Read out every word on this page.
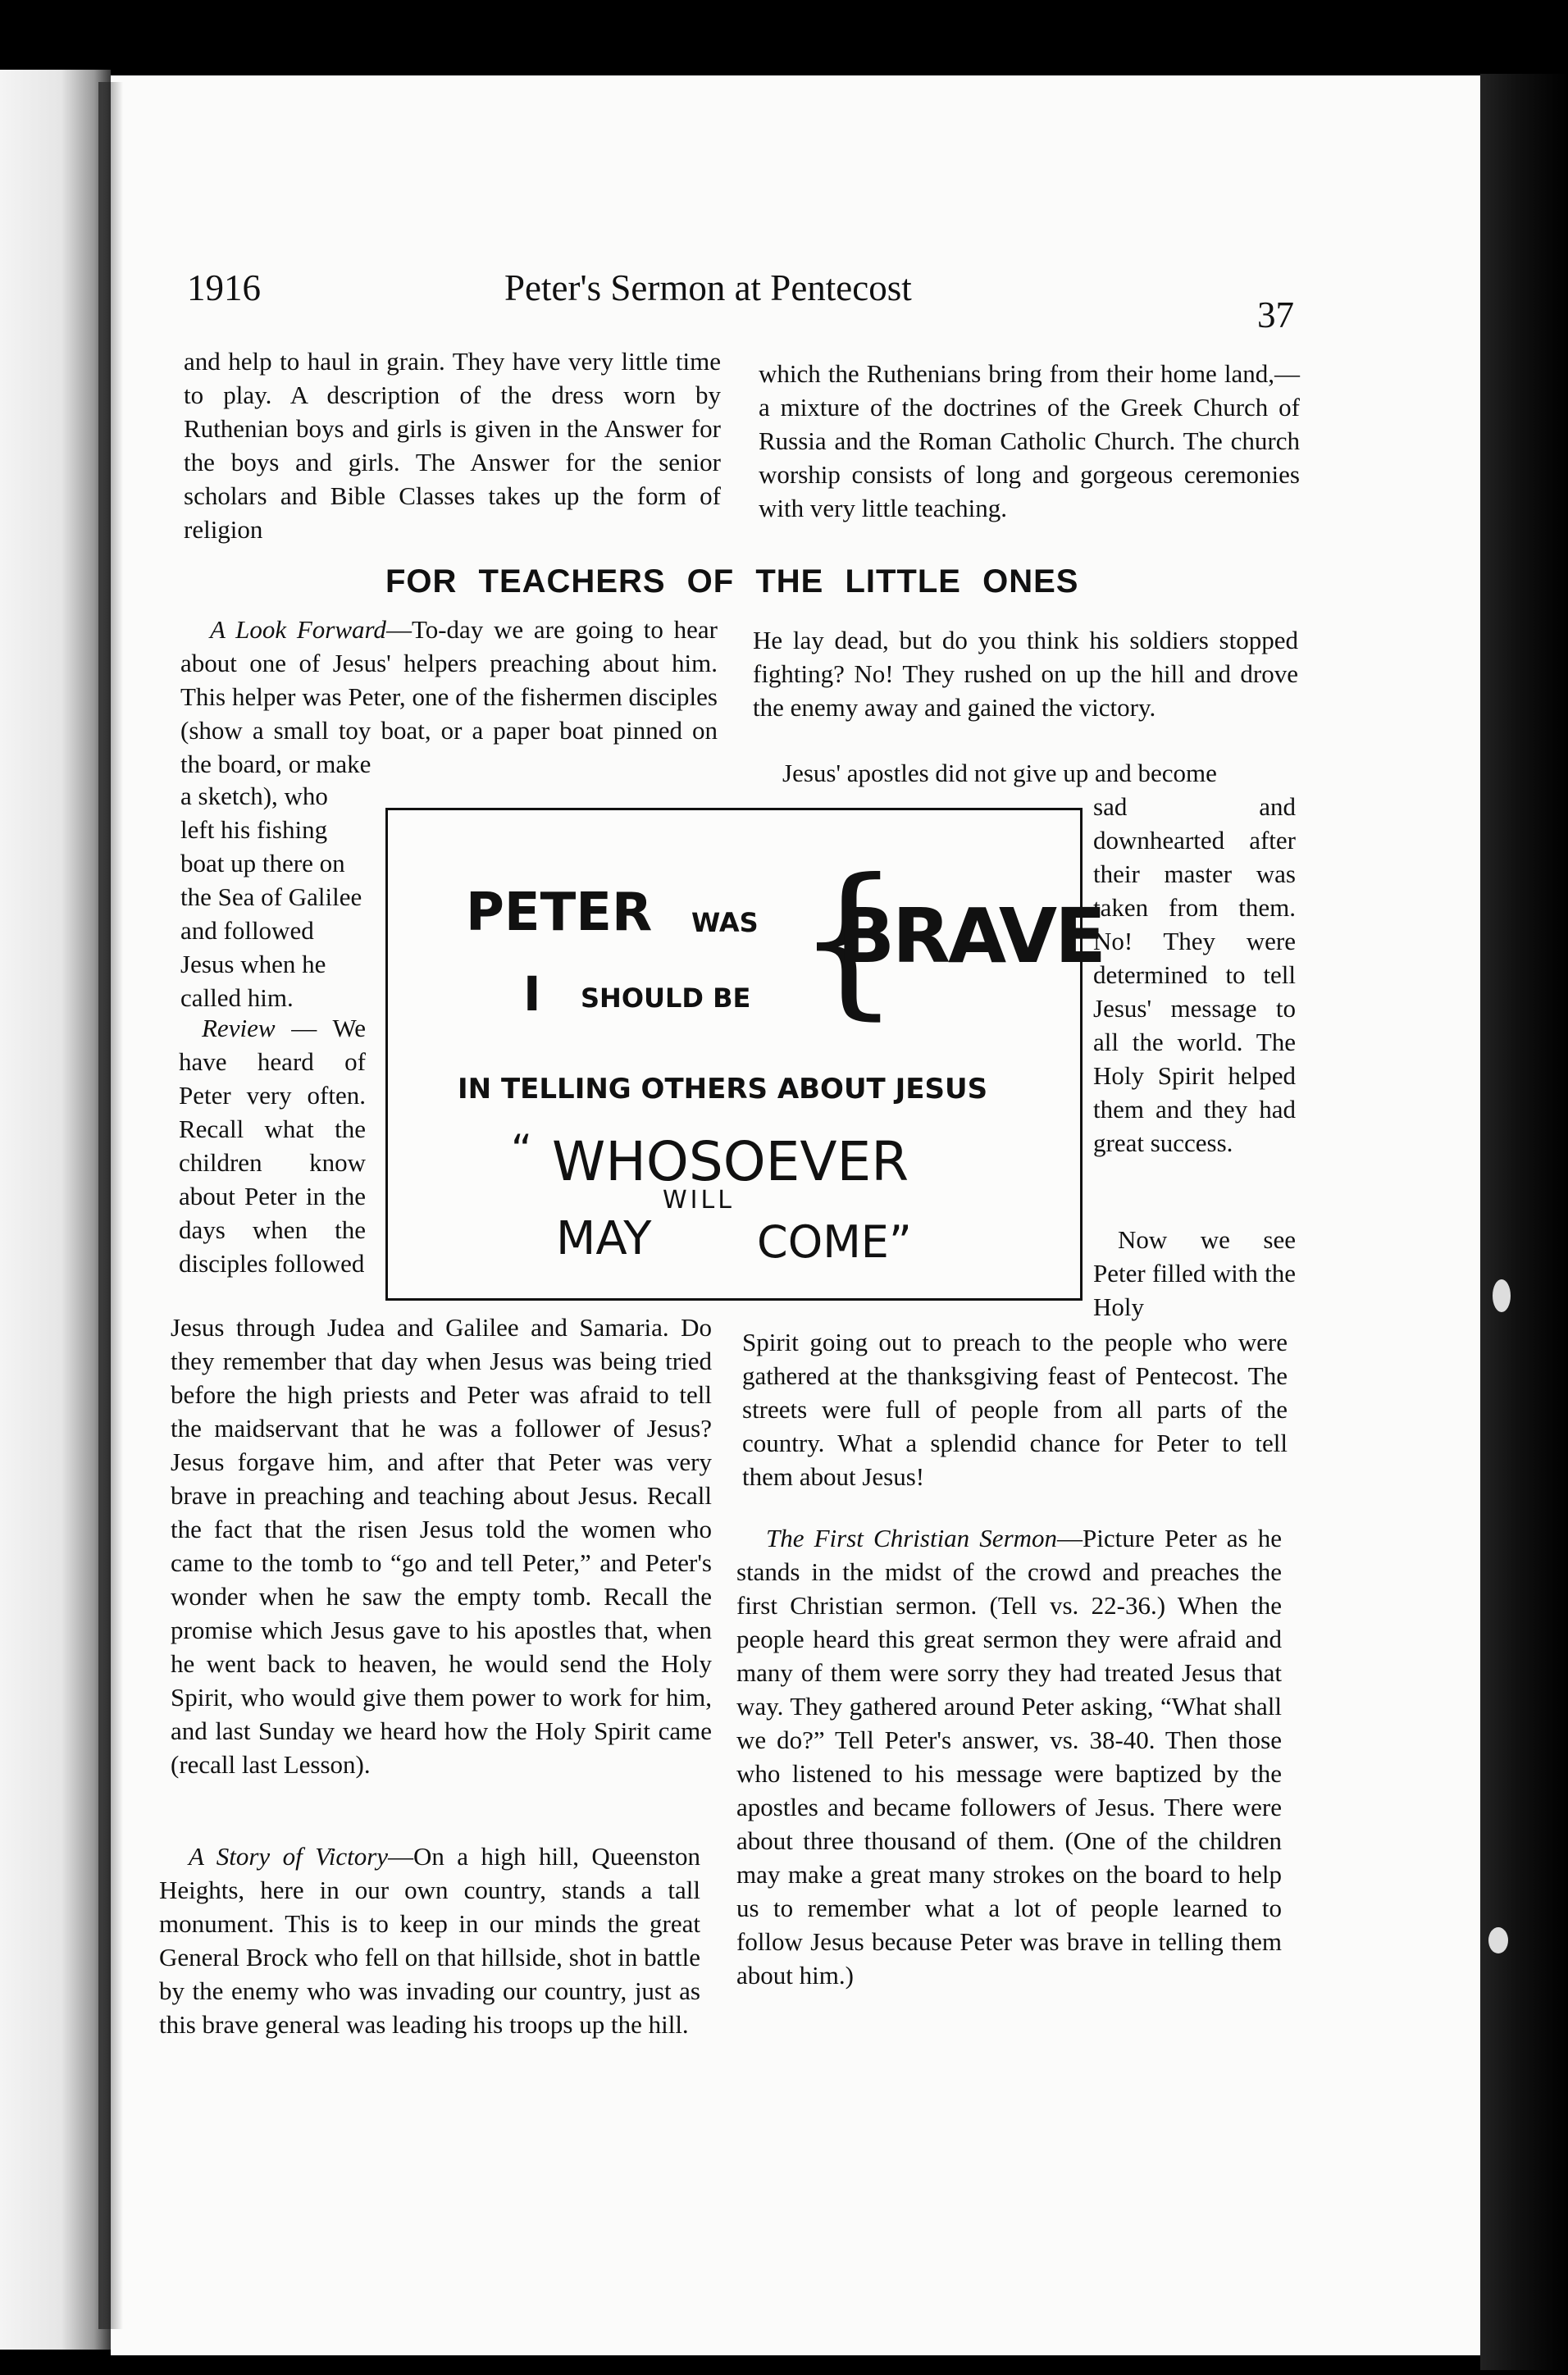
1916	Peter's Sermon at Pentecost
37
and help to haul in grain. They have very little time to play. A description of the dress worn by Ruthenian boys and girls is given in the Answer for the boys and girls. The Answer for the senior scholars and Bible Classes takes up the form of religion
which the Ruthenians bring from their home land,—a mixture of the doctrines of the Greek Church of Russia and the Roman Catholic Church. The church worship consists of long and gorgeous ceremonies with very little teaching.
FOR TEACHERS OF THE LITTLE ONES
A Look Forward—To-day we are going to hear about one of Jesus' helpers preaching about him. This helper was Peter, one of the fishermen disciples (show a small toy boat, or a paper boat pinned on the board, or make
a sketch), who left his fishing boat up there on the Sea of Galilee and followed Jesus when he called him.
Review — We have heard of Peter very often. Recall what the children know about Peter in the days when the disciples followed
Jesus through Judea and Galilee and Samaria. Do they remember that day when Jesus was being tried before the high priests and Peter was afraid to tell the maidservant that he was a follower of Jesus? Jesus forgave him, and after that Peter was very brave in preaching and teaching about Jesus. Recall the fact that the risen Jesus told the women who came to the tomb to “go and tell Peter,” and Peter's wonder when he saw the empty tomb. Recall the promise which Jesus gave to his apostles that, when he went back to heaven, he would send the Holy Spirit, who would give them power to work for him, and last Sunday we heard how the Holy Spirit came (recall last Lesson).
A Story of Victory—On a high hill, Queenston Heights, here in our own country, stands a tall monument. This is to keep in our minds the great General Brock who fell on that hillside, shot in battle by the enemy who was invading our country, just as this brave general was leading his troops up the hill.
He lay dead, but do you think his soldiers stopped fighting? No! They rushed on up the hill and drove the enemy away and gained the victory.
Jesus' apostles did not give up and become
sad and downhearted after their master was taken from them. No! They were determined to tell Jesus' message to all the world. The Holy Spirit helped them and they had great success.
Now we see Peter filled with the Holy
Spirit going out to preach to the people who were gathered at the thanksgiving feast of Pentecost. The streets were full of people from all parts of the country. What a splendid chance for Peter to tell them about Jesus!
The First Christian Sermon—Picture Peter as he stands in the midst of the crowd and preaches the first Christian sermon. (Tell vs. 22-36.) When the people heard this great sermon they were afraid and many of them were sorry they had treated Jesus that way. They gathered around Peter asking, “What shall we do?” Tell Peter's answer, vs. 38-40. Then those who listened to his message were baptized by the apostles and became followers of Jesus. There were about three thousand of them. (One of the children may make a great many strokes on the board to help us to remember what a lot of people learned to follow Jesus because Peter was brave in telling them about him.)
PETER WAS
I SHOULD BE {
BRAVE
IN TELLING OTHERS ABOUT JESUS
“ WHOSOEVER
WILL
MAY COME”
